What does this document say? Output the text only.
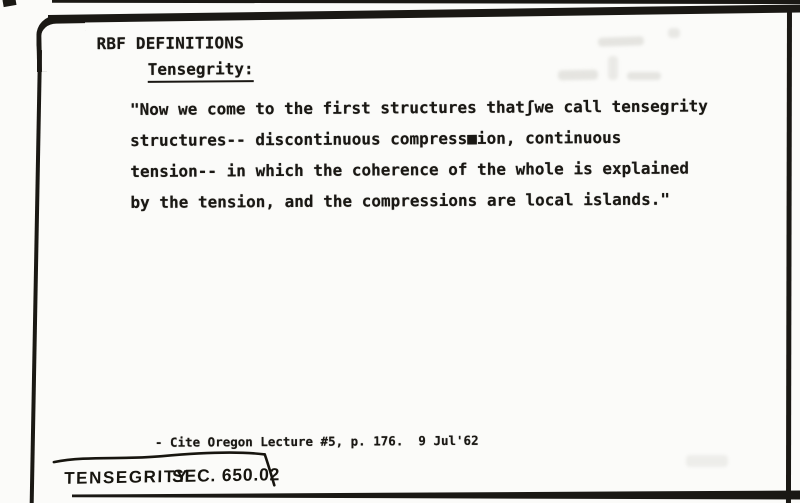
RBF DEFINITIONS
Tensegrity:
"Now we come to the first structures thatʃwe call tensegrity
structures-- discontinuous compress■ion, continuous
tension-- in which the coherence of the whole is explained
by the tension, and the compressions are local islands."
- Cite Oregon Lecture #5, p. 176.  9 Jul'62
TENSEGRITY
SEC. 650.02
